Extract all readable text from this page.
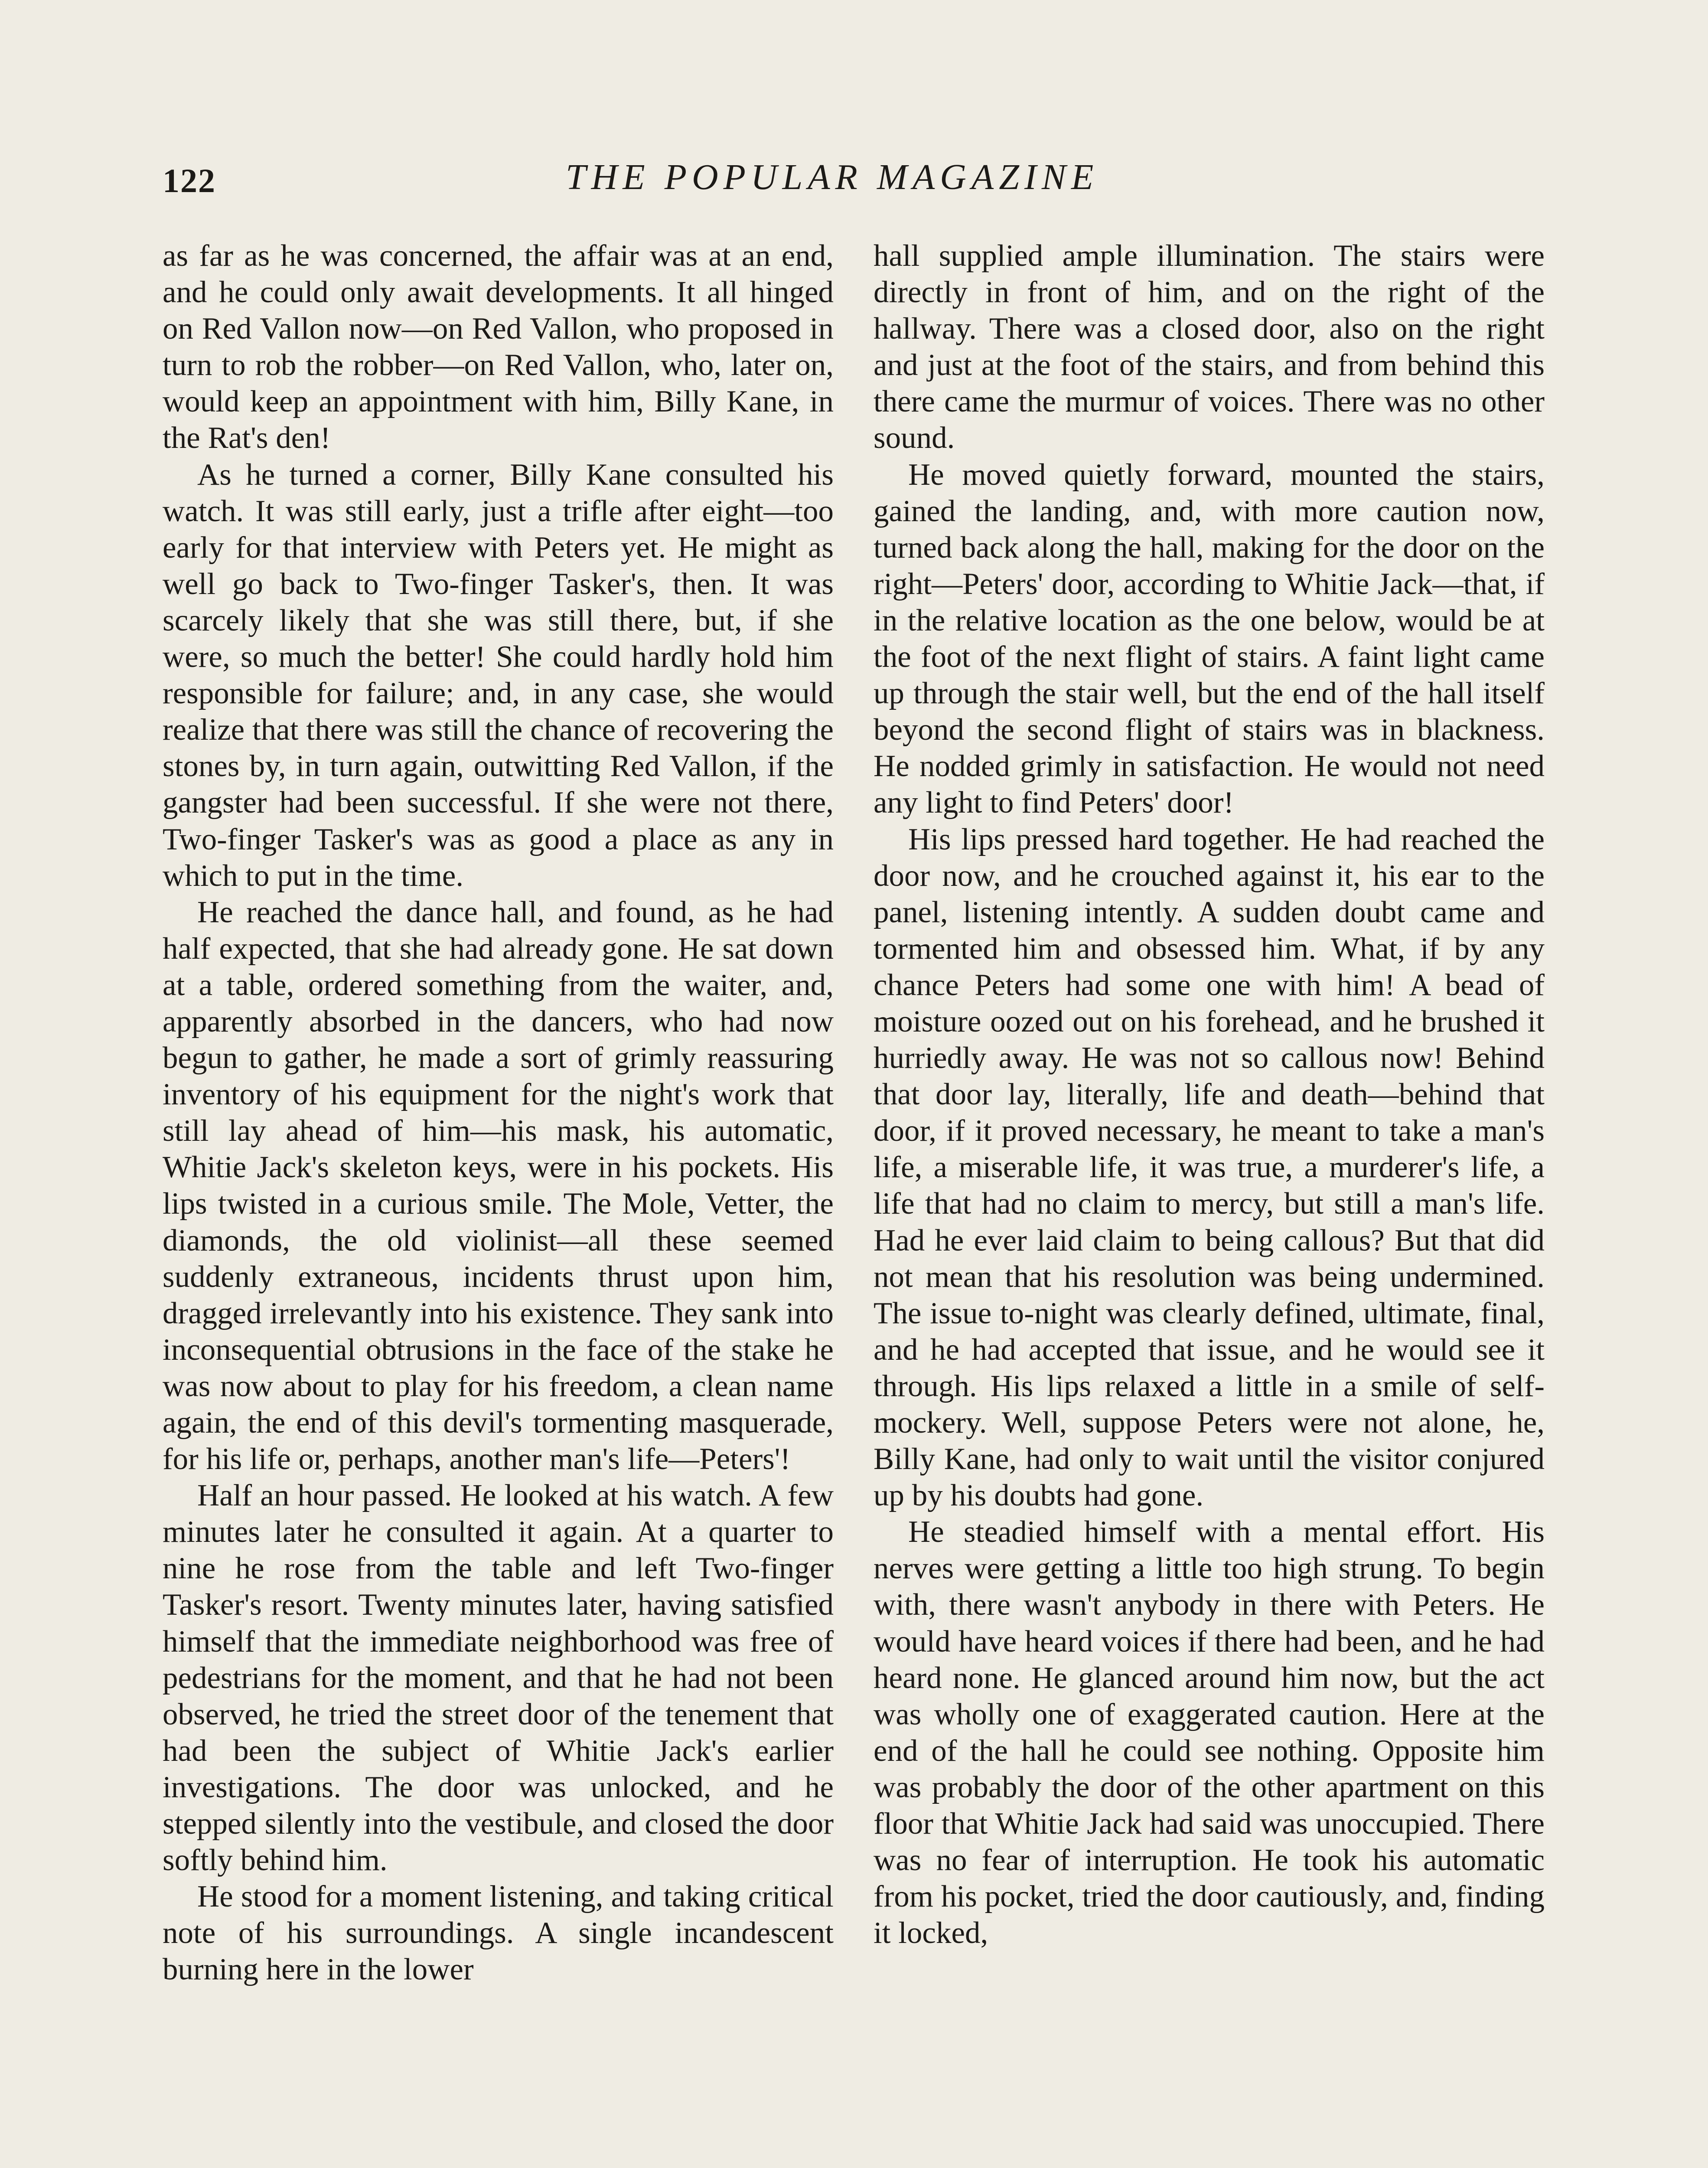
122	THE POPULAR MAGAZINE

as far as he was concerned, the affair was at an end, and he could only await developments. It all hinged on Red Vallon now—on Red Vallon, who proposed in turn to rob the robber—on Red Vallon, who, later on, would keep an appointment with him, Billy Kane, in the Rat's den!

As he turned a corner, Billy Kane consulted his watch. It was still early, just a trifle after eight—too early for that interview with Peters yet. He might as well go back to Two-finger Tasker's, then. It was scarcely likely that she was still there, but, if she were, so much the better! She could hardly hold him responsible for failure; and, in any case, she would realize that there was still the chance of recovering the stones by, in turn again, outwitting Red Vallon, if the gangster had been successful. If she were not there, Two-finger Tasker's was as good a place as any in which to put in the time.

He reached the dance hall, and found, as he had half expected, that she had already gone. He sat down at a table, ordered something from the waiter, and, apparently absorbed in the dancers, who had now begun to gather, he made a sort of grimly reassuring inventory of his equipment for the night's work that still lay ahead of him—his mask, his automatic, Whitie Jack's skeleton keys, were in his pockets. His lips twisted in a curious smile. The Mole, Vetter, the diamonds, the old violinist—all these seemed suddenly extraneous, incidents thrust upon him, dragged irrelevantly into his existence. They sank into inconsequential obtrusions in the face of the stake he was now about to play for his freedom, a clean name again, the end of this devil's tormenting masquerade, for his life or, perhaps, another man's life—Peters'!

Half an hour passed. He looked at his watch. A few minutes later he consulted it again. At a quarter to nine he rose from the table and left Two-finger Tasker's resort. Twenty minutes later, having satisfied himself that the immediate neighborhood was free of pedestrians for the moment, and that he had not been observed, he tried the street door of the tenement that had been the subject of Whitie Jack's earlier investigations. The door was unlocked, and he stepped silently into the vestibule, and closed the door softly behind him.

He stood for a moment listening, and taking critical note of his surroundings. A single incandescent burning here in the lower

hall supplied ample illumination. The stairs were directly in front of him, and on the right of the hallway. There was a closed door, also on the right and just at the foot of the stairs, and from behind this there came the murmur of voices. There was no other sound.

He moved quietly forward, mounted the stairs, gained the landing, and, with more caution now, turned back along the hall, making for the door on the right—Peters' door, according to Whitie Jack—that, if in the relative location as the one below, would be at the foot of the next flight of stairs. A faint light came up through the stair well, but the end of the hall itself beyond the second flight of stairs was in blackness. He nodded grimly in satisfaction. He would not need any light to find Peters' door!

His lips pressed hard together. He had reached the door now, and he crouched against it, his ear to the panel, listening intently. A sudden doubt came and tormented him and obsessed him. What, if by any chance Peters had some one with him! A bead of moisture oozed out on his forehead, and he brushed it hurriedly away. He was not so callous now! Behind that door lay, literally, life and death—behind that door, if it proved necessary, he meant to take a man's life, a miserable life, it was true, a murderer's life, a life that had no claim to mercy, but still a man's life. Had he ever laid claim to being callous? But that did not mean that his resolution was being undermined. The issue to-night was clearly defined, ultimate, final, and he had accepted that issue, and he would see it through. His lips relaxed a little in a smile of self-mockery. Well, suppose Peters were not alone, he, Billy Kane, had only to wait until the visitor conjured up by his doubts had gone.

He steadied himself with a mental effort. His nerves were getting a little too high strung. To begin with, there wasn't anybody in there with Peters. He would have heard voices if there had been, and he had heard none. He glanced around him now, but the act was wholly one of exaggerated caution. Here at the end of the hall he could see nothing. Opposite him was probably the door of the other apartment on this floor that Whitie Jack had said was unoccupied. There was no fear of interruption. He took his automatic from his pocket, tried the door cautiously, and, finding it locked,
